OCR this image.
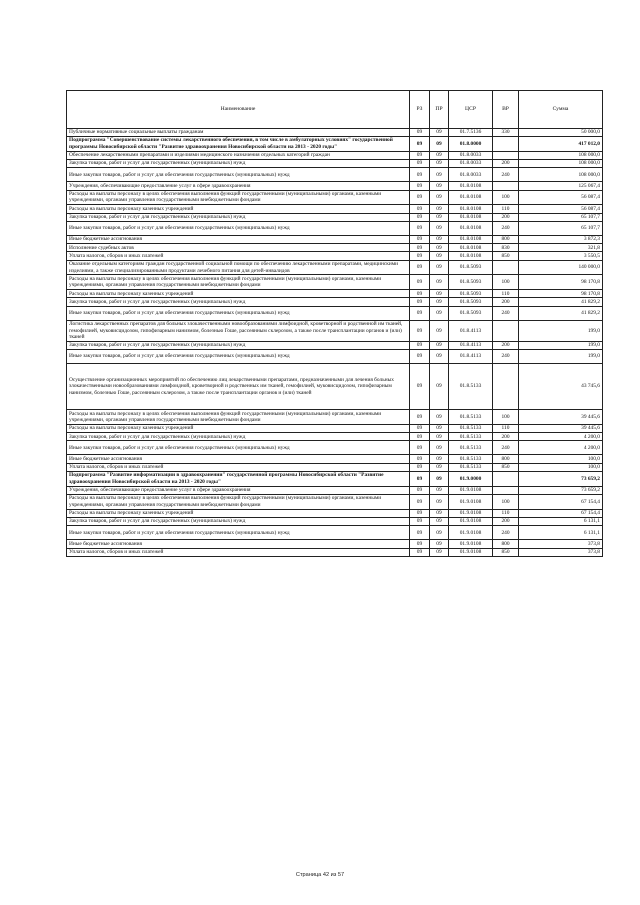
Наименование	РЗ	ПР	ЦСР	ВР	Сумма
Публичные нормативные социальные выплаты гражданам	09	09	01.7.5136	330	50 000,0
Подпрограмма "Совершенствование системы лекарственного обеспечения, в том числе в амбулаторных условиях" государственной программы Новосибирской области "Развитие здравоохранения Новосибирской области на 2013 - 2020 годы"	09	09	01.8.0000		417 012,0
Обеспечение лекарственными препаратами и изделиями медицинского назначения отдельных категорий граждан	09	09	01.8.0033		108 000,0
Закупка товаров, работ и услуг для государственных (муниципальных) нужд	09	09	01.8.0033	200	108 000,0
Иные закупки товаров, работ и услуг для обеспечения государственных (муниципальных) нужд	09	09	01.8.0033	240	108 000,0
Учреждения, обеспечивающие предоставление услуг в сфере здравоохранения	09	09	01.8.0108		125 067,4
Расходы на выплаты персоналу в целях обеспечения выполнения функций государственными (муниципальными) органами, казенными учреждениями, органами управления государственными внебюджетными фондами	09	09	01.8.0108	100	56 087,4
Расходы на выплаты персоналу казенных учреждений	09	09	01.8.0108	110	56 087,4
Закупка товаров, работ и услуг для государственных (муниципальных) нужд	09	09	01.8.0108	200	65 107,7
Иные закупки товаров, работ и услуг для обеспечения государственных (муниципальных) нужд	09	09	01.8.0108	240	65 107,7
Иные бюджетные ассигнования	09	09	01.8.0108	800	3 872,3
Исполнение судебных актов	09	09	01.8.0108	830	321,8
Уплата налогов, сборов и иных платежей	09	09	01.8.0108	850	3 550,5
Оказание отдельным категориям граждан государственной социальной помощи по обеспечению лекарственными препаратами, медицинскими изделиями, а также специализированными продуктами лечебного питания для детей-инвалидов	09	09	01.8.5093		140 000,0
Расходы на выплаты персоналу в целях обеспечения выполнения функций государственными (муниципальными) органами, казенными учреждениями, органами управления государственными внебюджетными фондами	09	09	01.8.5093	100	98 170,8
Расходы на выплаты персоналу казенных учреждений	09	09	01.8.5093	110	98 170,8
Закупка товаров, работ и услуг для государственных (муниципальных) нужд	09	09	01.8.5093	200	41 829,2
Иные закупки товаров, работ и услуг для обеспечения государственных (муниципальных) нужд	09	09	01.8.5093	240	41 829,2
Логистика лекарственных препаратов для больных злокачественными новообразованиями лимфоидной, кроветворной и родственной им тканей, гемофилией, муковисцидозом, гипофизарным нанизмом, болезнью Гоше, рассеянным склерозом, а также после трансплантации органов и (или) тканей	09	09	01.8.4113		199,0
Закупка товаров, работ и услуг для государственных (муниципальных) нужд	09	09	01.8.4113	200	199,0
Иные закупки товаров, работ и услуг для обеспечения государственных (муниципальных) нужд	09	09	01.8.4113	240	199,0
Осуществление организационных мероприятий по обеспечению лиц лекарственными препаратами, предназначенными для лечения больных злокачественными новообразованиями лимфоидной, кроветворной и родственных им тканей, гемофилией, муковисцидозом, гипофизарным нанизмом, болезнью Гоше, рассеянным склерозом, а также после трансплантации органов и (или) тканей	09	09	01.8.5133		43 745,6
Расходы на выплаты персоналу в целях обеспечения выполнения функций государственными (муниципальными) органами, казенными учреждениями, органами управления государственными внебюджетными фондами	09	09	01.8.5133	100	39 445,6
Расходы на выплаты персоналу казенных учреждений	09	09	01.8.5133	110	39 445,6
Закупка товаров, работ и услуг для государственных (муниципальных) нужд	09	09	01.8.5133	200	4 200,0
Иные закупки товаров, работ и услуг для обеспечения государственных (муниципальных) нужд	09	09	01.8.5133	240	4 200,0
Иные бюджетные ассигнования	09	09	01.8.5133	800	100,0
Уплата налогов, сборов и иных платежей	09	09	01.8.5133	850	100,0
Подпрограмма "Развитие информатизации в здравоохранении" государственной программы Новосибирской области "Развитие здравоохранения Новосибирской области на 2013 - 2020 годы"	09	09	01.9.0000		73 659,2
Учреждения, обеспечивающие предоставление услуг в сфере здравоохранения	09	09	01.9.0108		73 659,2
Расходы на выплаты персоналу в целях обеспечения выполнения функций государственными (муниципальными) органами, казенными учреждениями, органами управления государственными внебюджетными фондами	09	09	01.9.0108	100	67 154,4
Расходы на выплаты персоналу казенных учреждений	09	09	01.9.0108	110	67 154,4
Закупка товаров, работ и услуг для государственных (муниципальных) нужд	09	09	01.9.0108	200	6 131,1
Иные закупки товаров, работ и услуг для обеспечения государственных (муниципальных) нужд	09	09	01.9.0108	240	6 131,1
Иные бюджетные ассигнования	09	09	01.9.0108	800	373,8
Уплата налогов, сборов и иных платежей	09	09	01.9.0108	850	373,8
Страница 42 из 57
